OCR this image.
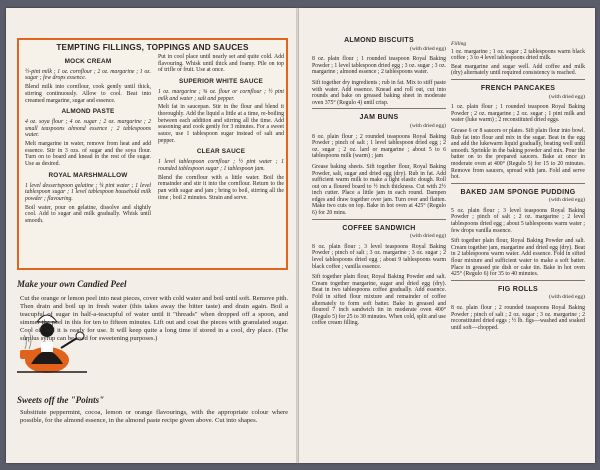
TEMPTING FILLINGS, TOPPINGS AND SAUCES
MOCK CREAM

½-pint milk ; 1 oz. cornflour ; 2 oz. margarine ; 1 oz. sugar ; few drops essence.

Blend milk into cornflour, cook gently until thick, stirring continuously. Allow to cool. Beat into creamed margarine, sugar and essence.

ALMOND PASTE

4 oz. soya flour ; 4 oz. sugar ; 2 oz. margarine ; 2 small teaspoons almond essence ; 2 tablespoons water.

Melt margarine in water, remove from heat and add essence. Stir in 3 ozs. of sugar and the soya flour. Turn on to board and knead in the rest of the sugar. Use as desired.

ROYAL MARSHMALLOW

1 level dessertspoon gelatine ; ¼ pint water ; 1 level tablespoon sugar ; 1 level tablespoon household milk powder ; flavouring.

Boil water, pour on gelatine, dissolve and slightly cool. Add to sugar and milk gradually. Whisk until smooth.

Put in cool place until nearly set and quite cold. Add flavouring. Whisk until thick and foamy. Pile on top of trifle or fruit. Use at once.

SUPERIOR WHITE SAUCE

1 oz. margarine ; ⅝ oz. flour or cornflour ; ½ pint milk and water ; salt and pepper.

Melt fat in saucepan. Stir in the flour and blend it thoroughly. Add the liquid a little at a time, re-boiling between each addition and stirring all the time. Add seasoning and cook gently for 3 minutes. For a sweet sauce, use 1 tablespoon sugar instead of salt and pepper.

CLEAR SAUCE

1 level tablespoon cornflour ; ½ pint water ; 1 rounded tablespoon sugar ; 1 tablespoon jam.

Blend the cornflour with a little water. Boil the remainder and stir it into the cornflour. Return to the pan with sugar and jam ; bring to boil, stirring all the time ; boil 2 minutes. Strain and serve.

Make your own Candied Peel
Cut the orange or lemon peel into neat pieces, cover with cold water and boil until soft. Remove pith. Then drain and boil up in fresh water (this takes away the bitter taste) and drain again. Boil a teacupful of sugar in half-a-teacupful of water until it "threads" when dropped off a spoon, and simmer the peel in this for ten to fifteen minutes. Lift out and coat the pieces with granulated sugar. Cool off and it is ready for use. It will keep quite a long time if stored in a cool, dry place. (The surplus syrup can be used for sweetening purposes.)
Sweets off the "Points"
Substitute peppermint, cocoa, lemon or orange flavourings, with the appropriate colour where possible, for the almond essence, in the almond paste recipe given above. Cut into shapes.
ALMOND BISCUITS
(with dried egg)

8 oz. plain flour ; 1 rounded teaspoon Royal Baking Powder ; 1 level tablespoon dried egg ; 3 oz. sugar ; 3 oz. margarine ; almond essence ; 2 tablespoons water.

Sift together dry ingredients ; rub in fat. Mix to stiff paste with water. Add essence. Knead and roll out, cut into rounds and bake on greased baking sheet in moderate oven 375° (Regulo 4) until crisp.

JAM BUNS
(with dried egg)

8 oz. plain flour ; 2 rounded teaspoons Royal Baking Powder ; pinch of salt ; 1 level tablespoon dried egg ; 2 oz. sugar ; 2 oz. lard or margarine ; about 5 to 6 tablespoons milk (warm) ; jam

Grease baking sheets. Sift together flour, Royal Baking Powder, salt, sugar and dried egg (dry). Rub in fat. Add sufficient warm milk to make a light elastic dough. Roll out on a floured board to ½ inch thickness. Cut with 2½ inch cutter. Place a little jam in each round. Dampen edges and draw together over jam. Turn over and flatten. Make two cuts on top. Bake in hot oven at 425° (Regulo 6) for 20 mins.

COFFEE SANDWICH
(with dried egg)

8 oz. plain flour ; 3 level teaspoons Royal Baking Powder ; pinch of salt ; 3 oz. margarine ; 3 oz. sugar ; 2 level tablespoons dried egg ; about 9 tablespoons warm black coffee ; vanilla essence.

Sift together plain flour, Royal Baking Powder and salt. Cream together margarine, sugar and dried egg (dry). Beat in two tablespoons coffee gradually. Add essence. Fold in sifted flour mixture and remainder of coffee alternately to form soft batter. Bake in greased and floured 7 inch sandwich tin in moderate oven 400° (Regulo 5) for 25 to 30 minutes. When cold, split and use coffee cream filling.

Filling

1 oz. margarine ; 1 oz. sugar ; 2 tablespoons warm black coffee ; 3 to 4 level tablespoons dried milk.

Beat margarine and sugar well. Add coffee and milk (dry) alternately until required consistency is reached.

FRENCH PANCAKES
(with dried egg)

1 oz. plain flour ; 1 rounded teaspoon Royal Baking Powder ; 2 oz. margarine ; 2 oz. sugar ; 1 pint milk and water (luke warm) ; 2 reconstituted dried eggs.

Grease 6 or 8 saucers or plates. Sift plain flour into bowl. Rub fat into flour and mix in the sugar. Beat in the egg and add the lukewarm liquid gradually, beating well until smooth. Sprinkle in the baking powder and mix. Pour the batter on to the prepared saucers. Bake at once in moderate oven at 400° (Regulo 5) for 15 to 20 minutes. Remove from saucers, spread with jam. Fold and serve hot.

BAKED JAM SPONGE PUDDING
(with dried egg)

5 oz. plain flour ; 3 level teaspoons Royal Baking Powder ; pinch of salt ; 2 oz. margarine ; 2 level tablespoons dried egg ; about 5 tablespoons warm water ; few drops vanilla essence.

Sift together plain flour, Royal Baking Powder and salt. Cream together jam, margarine and dried egg (dry). Beat in 2 tablespoons warm water. Add essence. Fold in sifted flour mixture and sufficient water to make a soft batter. Place in greased pie dish or cake tin. Bake in hot oven 425° (Regulo 6) for 35 to 40 minutes.

FIG ROLLS
(with dried egg)

8 oz. plain flour ; 2 rounded teaspoons Royal Baking Powder ; pinch of salt ; 2 oz. sugar ; 3 oz. margarine ; 2 reconstituted dried eggs ; ½ lb. figs—washed and soaked until soft—chopped.
